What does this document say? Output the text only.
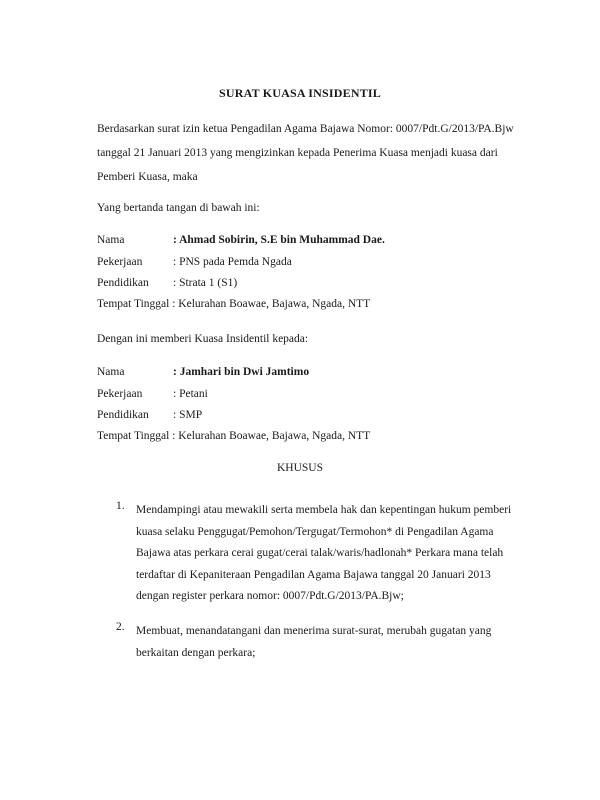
SURAT KUASA INSIDENTIL
Berdasarkan surat izin ketua Pengadilan Agama Bajawa Nomor: 0007/Pdt.G/2013/PA.Bjw
tanggal 21 Januari 2013 yang mengizinkan kepada Penerima Kuasa menjadi kuasa dari
Pemberi Kuasa, maka
Yang bertanda tangan di bawah ini:
Nama	: Ahmad Sobirin, S.E bin Muhammad Dae.
Pekerjaan	: PNS pada Pemda Ngada
Pendidikan : Strata 1 (S1)
Tempat Tinggal : Kelurahan Boawae, Bajawa, Ngada, NTT
Dengan ini memberi Kuasa Insidentil kepada:
Nama	: Jamhari bin Dwi Jamtimo
Pekerjaan	: Petani
Pendidikan : SMP
Tempat Tinggal : Kelurahan Boawae, Bajawa, Ngada, NTT
KHUSUS
1. Mendampingi atau mewakili serta membela hak dan kepentingan hukum pemberi
kuasa selaku Penggugat/Pemohon/Tergugat/Termohon* di Pengadilan Agama
Bajawa atas perkara cerai gugat/cerai talak/waris/hadlonah* Perkara mana telah
terdaftar di Kepaniteraan Pengadilan Agama Bajawa tanggal 20 Januari 2013
dengan register perkara nomor: 0007/Pdt.G/2013/PA.Bjw;
2. Membuat, menandatangani dan menerima surat-surat, merubah gugatan yang
berkaitan dengan perkara;
